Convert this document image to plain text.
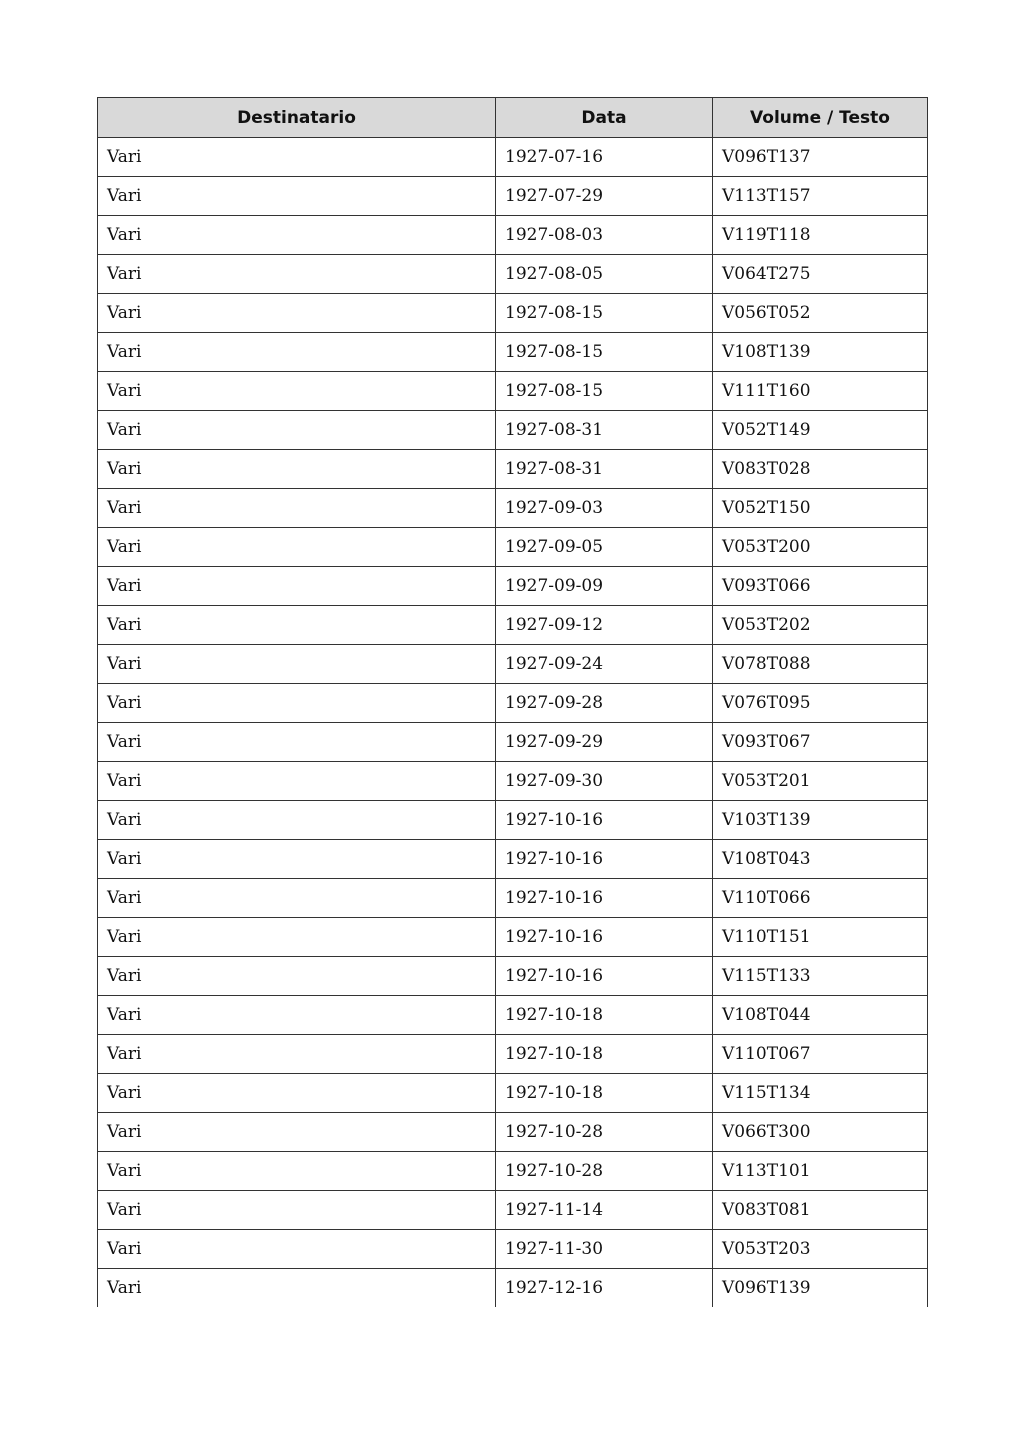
Destinatario	Data	Volume / Testo
Vari	1927-07-16	V096T137
Vari	1927-07-29	V113T157
Vari	1927-08-03	V119T118
Vari	1927-08-05	V064T275
Vari	1927-08-15	V056T052
Vari	1927-08-15	V108T139
Vari	1927-08-15	V111T160
Vari	1927-08-31	V052T149
Vari	1927-08-31	V083T028
Vari	1927-09-03	V052T150
Vari	1927-09-05	V053T200
Vari	1927-09-09	V093T066
Vari	1927-09-12	V053T202
Vari	1927-09-24	V078T088
Vari	1927-09-28	V076T095
Vari	1927-09-29	V093T067
Vari	1927-09-30	V053T201
Vari	1927-10-16	V103T139
Vari	1927-10-16	V108T043
Vari	1927-10-16	V110T066
Vari	1927-10-16	V110T151
Vari	1927-10-16	V115T133
Vari	1927-10-18	V108T044
Vari	1927-10-18	V110T067
Vari	1927-10-18	V115T134
Vari	1927-10-28	V066T300
Vari	1927-10-28	V113T101
Vari	1927-11-14	V083T081
Vari	1927-11-30	V053T203
Vari	1927-12-16	V096T139
